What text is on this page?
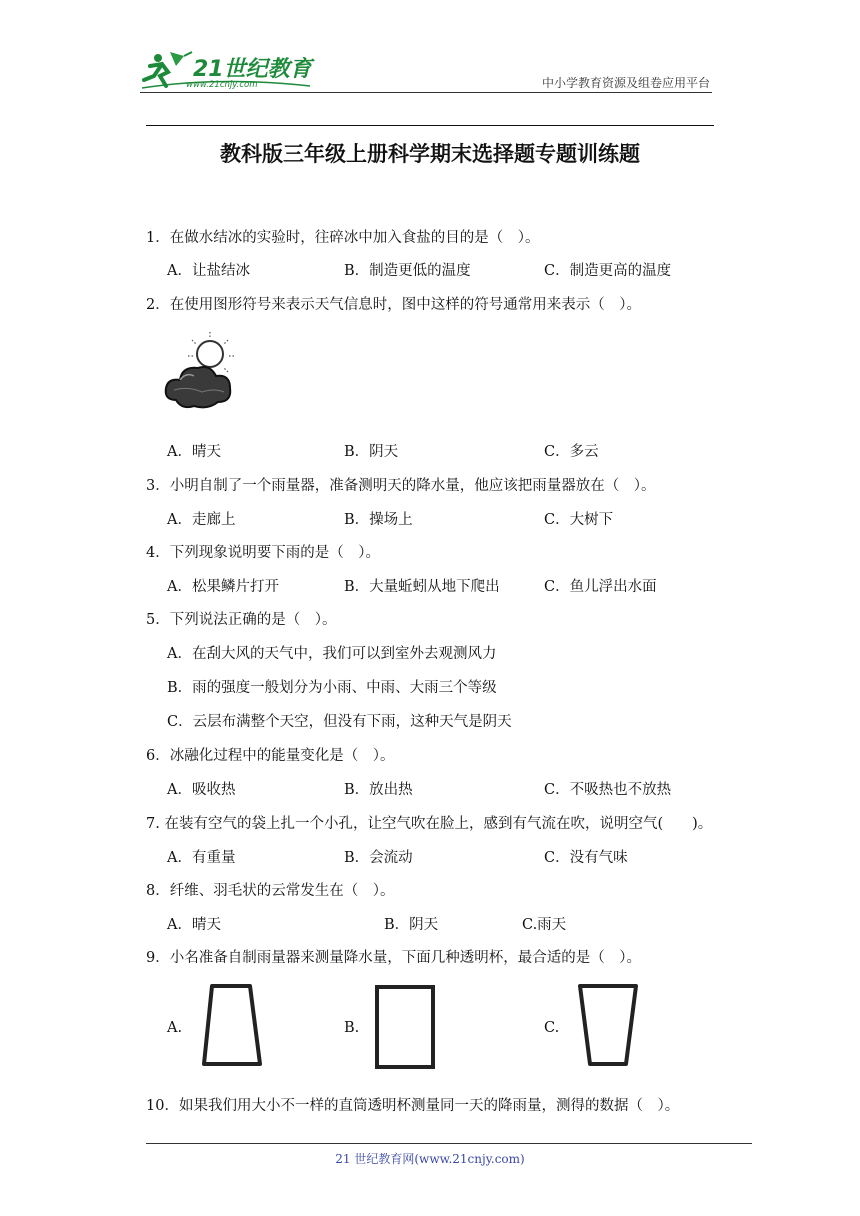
21世纪教育
www.21cnjy.com	中小学教育资源及组卷应用平台
教科版三年级上册科学期末选择题专题训练题
1．在做水结冰的实验时，往碎冰中加入食盐的目的是（　）。
A．让盐结冰	B．制造更低的温度	C．制造更高的温度
2．在使用图形符号来表示天气信息时，图中这样的符号通常用来表示（　）。
A．晴天	B．阴天	C．多云
3．小明自制了一个雨量器，准备测明天的降水量，他应该把雨量器放在（　）。
A．走廊上	B．操场上	C．大树下
4．下列现象说明要下雨的是（　）。
A．松果鳞片打开	B．大量蚯蚓从地下爬出	C．鱼儿浮出水面
5．下列说法正确的是（　）。
A．在刮大风的天气中，我们可以到室外去观测风力
B．雨的强度一般划分为小雨、中雨、大雨三个等级
C．云层布满整个天空，但没有下雨，这种天气是阴天
6．冰融化过程中的能量变化是（　）。
A．吸收热	B．放出热	C．不吸热也不放热
7. 在装有空气的袋上扎一个小孔，让空气吹在脸上，感到有气流在吹，说明空气(　　)。
A．有重量	B．会流动	C．没有气味
8．纤维、羽毛状的云常发生在（　）。
A．晴天	B．阴天	C.雨天
9．小名准备自制雨量器来测量降水量，下面几种透明杯，最合适的是（　）。
A.	B.	C.
10．如果我们用大小不一样的直筒透明杯测量同一天的降雨量，测得的数据（　）。
21 世纪教育网(www.21cnjy.com)
